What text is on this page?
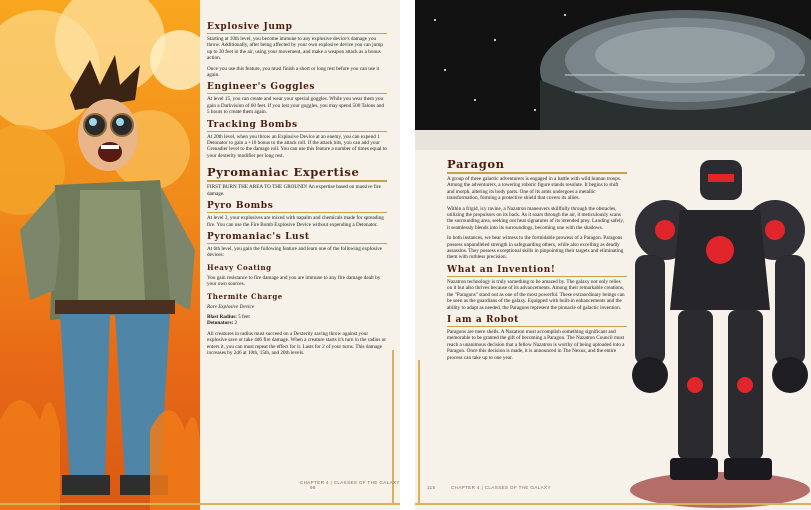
Explosive Jump

Starting at 10th level, you become immune to any explosive device's damage you throw. Additionally, after being affected by your own explosive device you can jump up to 30 feet in the air, using your movement, and make a weapon attack as a bonus action.

Once you use this feature, you must finish a short or long rest before you can use it again.

Engineer's Goggles

At level 15, you can create and wear your special goggles. While you wear them you gain a Darkvision of 60 feet. If you lost your goggles, you may spend 500 Talons and 5 hours to create them again.

Tracking Bombs

At 20th level, when you throw an Explosive Device at an enemy, you can expend 1 Detonator to gain a +10 bonus to the attack roll. If the attack hits, you can add your Grenadier level to the damage roll. You can use this feature a number of times equal to your dexterity modifier per long rest.

Pyromaniac Expertise

FIRST BURN THE AREA TO THE GROUND! An expertise based on massive fire damage.

Pyro Bombs

At level 3, your explosives are mixed with napalm and chemicals made for spreading fire. You can use the Fire Bomb Explosive Device without expending a Detonator.

Pyromaniac's Lust

At 6th level, you gain the following feature and learn one of the following explosive devices:

Heavy Coating

You gain resistance to fire damage and you are immune to any fire damage dealt by your own sources.

Thermite Charge

Rare Explosive Device

Blast Radius: 5 feet

Detonators: 2

All creatures in radius must succeed on a Dexterity saving throw against your explosive save or take 4d6 fire damage. When a creature starts it's turn in the radius or enters it, you can must repeat the effect for it. Lasts for 2 of your turns. This damage increases by 2d6 at 10th, 15th, and 20th levels.

CHAPTER 4 | CLASSES OF THE GALAXY 98
Paragon

A group of three galactic adventurers is engaged in a battle with wild human troops. Among the adventurers, a towering robotic figure stands resolute. It begins to shift and morph, altering its body parts. One of its arms undergoes a metallic transformation, forming a protective shield that covers its allies.

Within a frigid, icy ravine, a Nazatron maneuvers skillfully through the obstacles, utilizing the propulsors on its back. As it soars through the air, it meticulously scans the surrounding area, seeking out heat signatures of its intended prey. Landing safely, it seamlessly blends into its surroundings, becoming one with the shadows.

In both instances, we bear witness to the formidable prowess of a Paragon. Paragons possess unparalleled strength in safeguarding others, while also excelling as deadly assassins. They possess exceptional skills in pinpointing their targets and eliminating them with ruthless precision.

What an Invention!

Nazatron technology is truly something to be amazed by. The galaxy not only relies on it but also thrives because of its advancements. Among their remarkable creations, the "Paragons" stand out as one of the most powerful. These extraordinary beings can be seen as the guardians of the galaxy. Equipped with built-in enhancements and the ability to adapt as needed, the Paragons represent the pinnacle of galactic invention.

I am a Robot

Paragons are mere shells. A Nazatron must accomplish something significant and memorable to be granted the gift of becoming a Paragon. The Nazatron Council must reach a unanimous decision that a fellow Nazatron is worthy of being uploaded into a Paragon. Once this decision is made, it is announced in The Nexus, and the entire process can take up to one year.

115	CHAPTER 4 | CLASSES OF THE GALAXY
